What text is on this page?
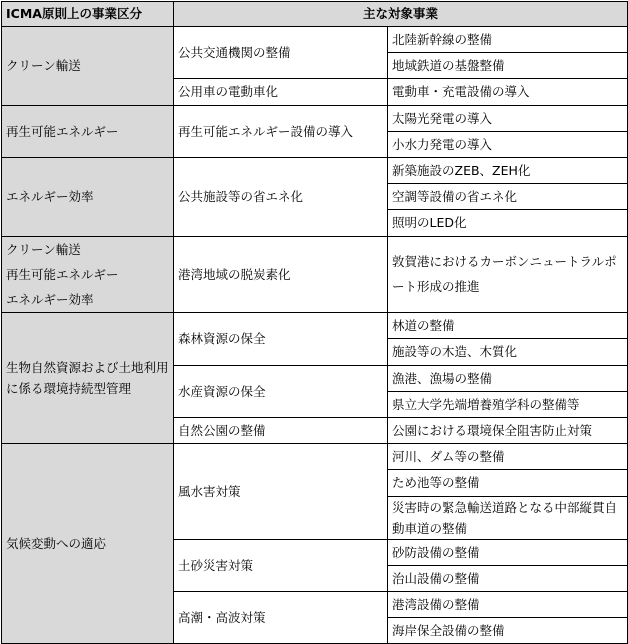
ICMA原則上の事業区分	主な対象事業	

クリーン輸送	公共交通機関の整備	北陸新幹線の整備
		地域鉄道の基盤整備
	公用車の電動車化	電動車・充電設備の導入

再生可能エネルギー	再生可能エネルギー設備の導入	太陽光発電の導入
		小水力発電の導入

エネルギー効率	公共施設等の省エネ化	新築施設のZEB、ZEH化
		空調等設備の省エネ化
		照明のLED化

クリーン輸送
再生可能エネルギー
エネルギー効率	港湾地域の脱炭素化	敦賀港におけるカーボンニュートラルポート形成の推進

生物自然資源および土地利用に係る環境持続型管理	森林資源の保全	林道の整備
		施設等の木造、木質化
	水産資源の保全	漁港、漁場の整備
		県立大学先端増養殖学科の整備等
	自然公園の整備	公園における環境保全阻害防止対策

気候変動への適応	風水害対策	河川、ダム等の整備
		ため池等の整備
		災害時の緊急輸送道路となる中部縦貫自動車道の整備
	土砂災害対策	砂防設備の整備
		治山設備の整備
	高潮・高波対策	港湾設備の整備
		海岸保全設備の整備
